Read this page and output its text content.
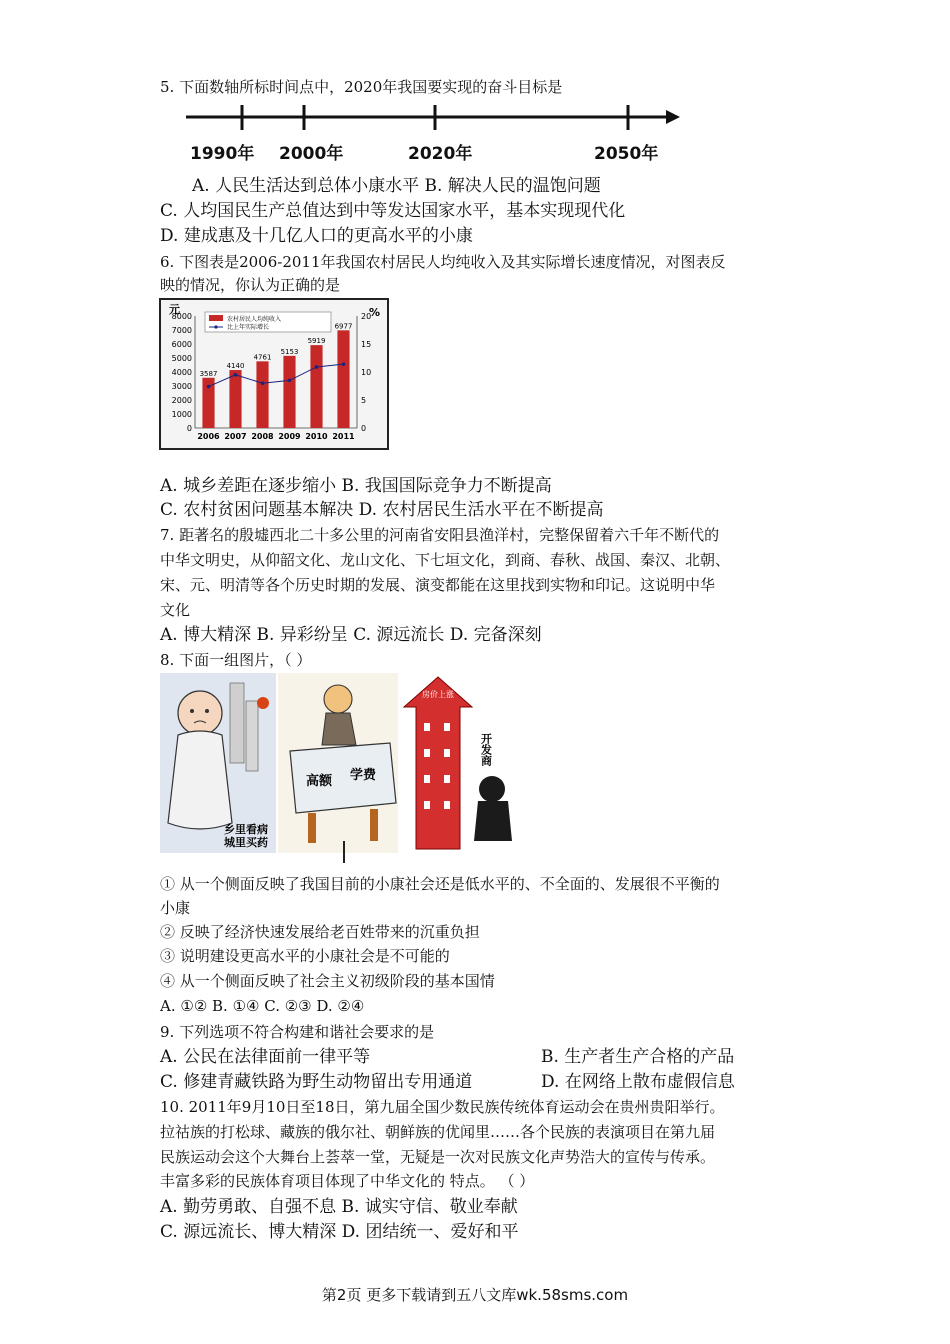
5. 下面数轴所标时间点中，2020年我国要实现的奋斗目标是
1990年 2000年	2020年	2050年
A. 人民生活达到总体小康水平 B. 解决人民的温饱问题
C. 人均国民生产总值达到中等发达国家水平，基本实现现代化
D. 建成惠及十几亿人口的更高水平的小康
6. 下图表是2006-2011年我国农村居民人均纯收入及其实际增长速度情况，对图表反
映的情况，你认为正确的是
元	%
农村居民人均纯收入
比上年实际增长
8000
7000
6000
5000
4000
3000
2000
1000
0
20
15
10
5
0
3587
2006
4140
2007
4761
2008
5153
2009
5919
2010
6977
2011
A. 城乡差距在逐步缩小 B. 我国国际竞争力不断提高
C. 农村贫困问题基本解决 D. 农村居民生活水平在不断提高
7. 距著名的殷墟西北二十多公里的河南省安阳县渔洋村，完整保留着六千年不断代的
中华文明史，从仰韶文化、龙山文化、下七垣文化，到商、春秋、战国、秦汉、北朝、
宋、元、明清等各个历史时期的发展、演变都能在这里找到实物和印记。这说明中华
文化
A. 博大精深 B. 异彩纷呈 C. 源远流长 D. 完备深刻
8. 下面一组图片，（ ）
乡里看病
城里买药
高额 学费
房价上涨
开发商
① 从一个侧面反映了我国目前的小康社会还是低水平的、不全面的、发展很不平衡的
小康
② 反映了经济快速发展给老百姓带来的沉重负担
③ 说明建设更高水平的小康社会是不可能的
④ 从一个侧面反映了社会主义初级阶段的基本国情
A. ①② B. ①④ C. ②③ D. ②④
9. 下列选项不符合构建和谐社会要求的是
A. 公民在法律面前一律平等	B. 生产者生产合格的产品
C. 修建青藏铁路为野生动物留出专用通道	D. 在网络上散布虚假信息
10. 2011年9月10日至18日，第九届全国少数民族传统体育运动会在贵州贵阳举行。
拉祜族的打松球、藏族的俄尔社、朝鲜族的优闻里……各个民族的表演项目在第九届
民族运动会这个大舞台上荟萃一堂，无疑是一次对民族文化声势浩大的宣传与传承。
丰富多彩的民族体育项目体现了中华文化的 特点。 （ ）
A. 勤劳勇敢、自强不息 B. 诚实守信、敬业奉献
C. 源远流长、博大精深 D. 团结统一、爱好和平
第2页 更多下载请到五八文库wk.58sms.com
